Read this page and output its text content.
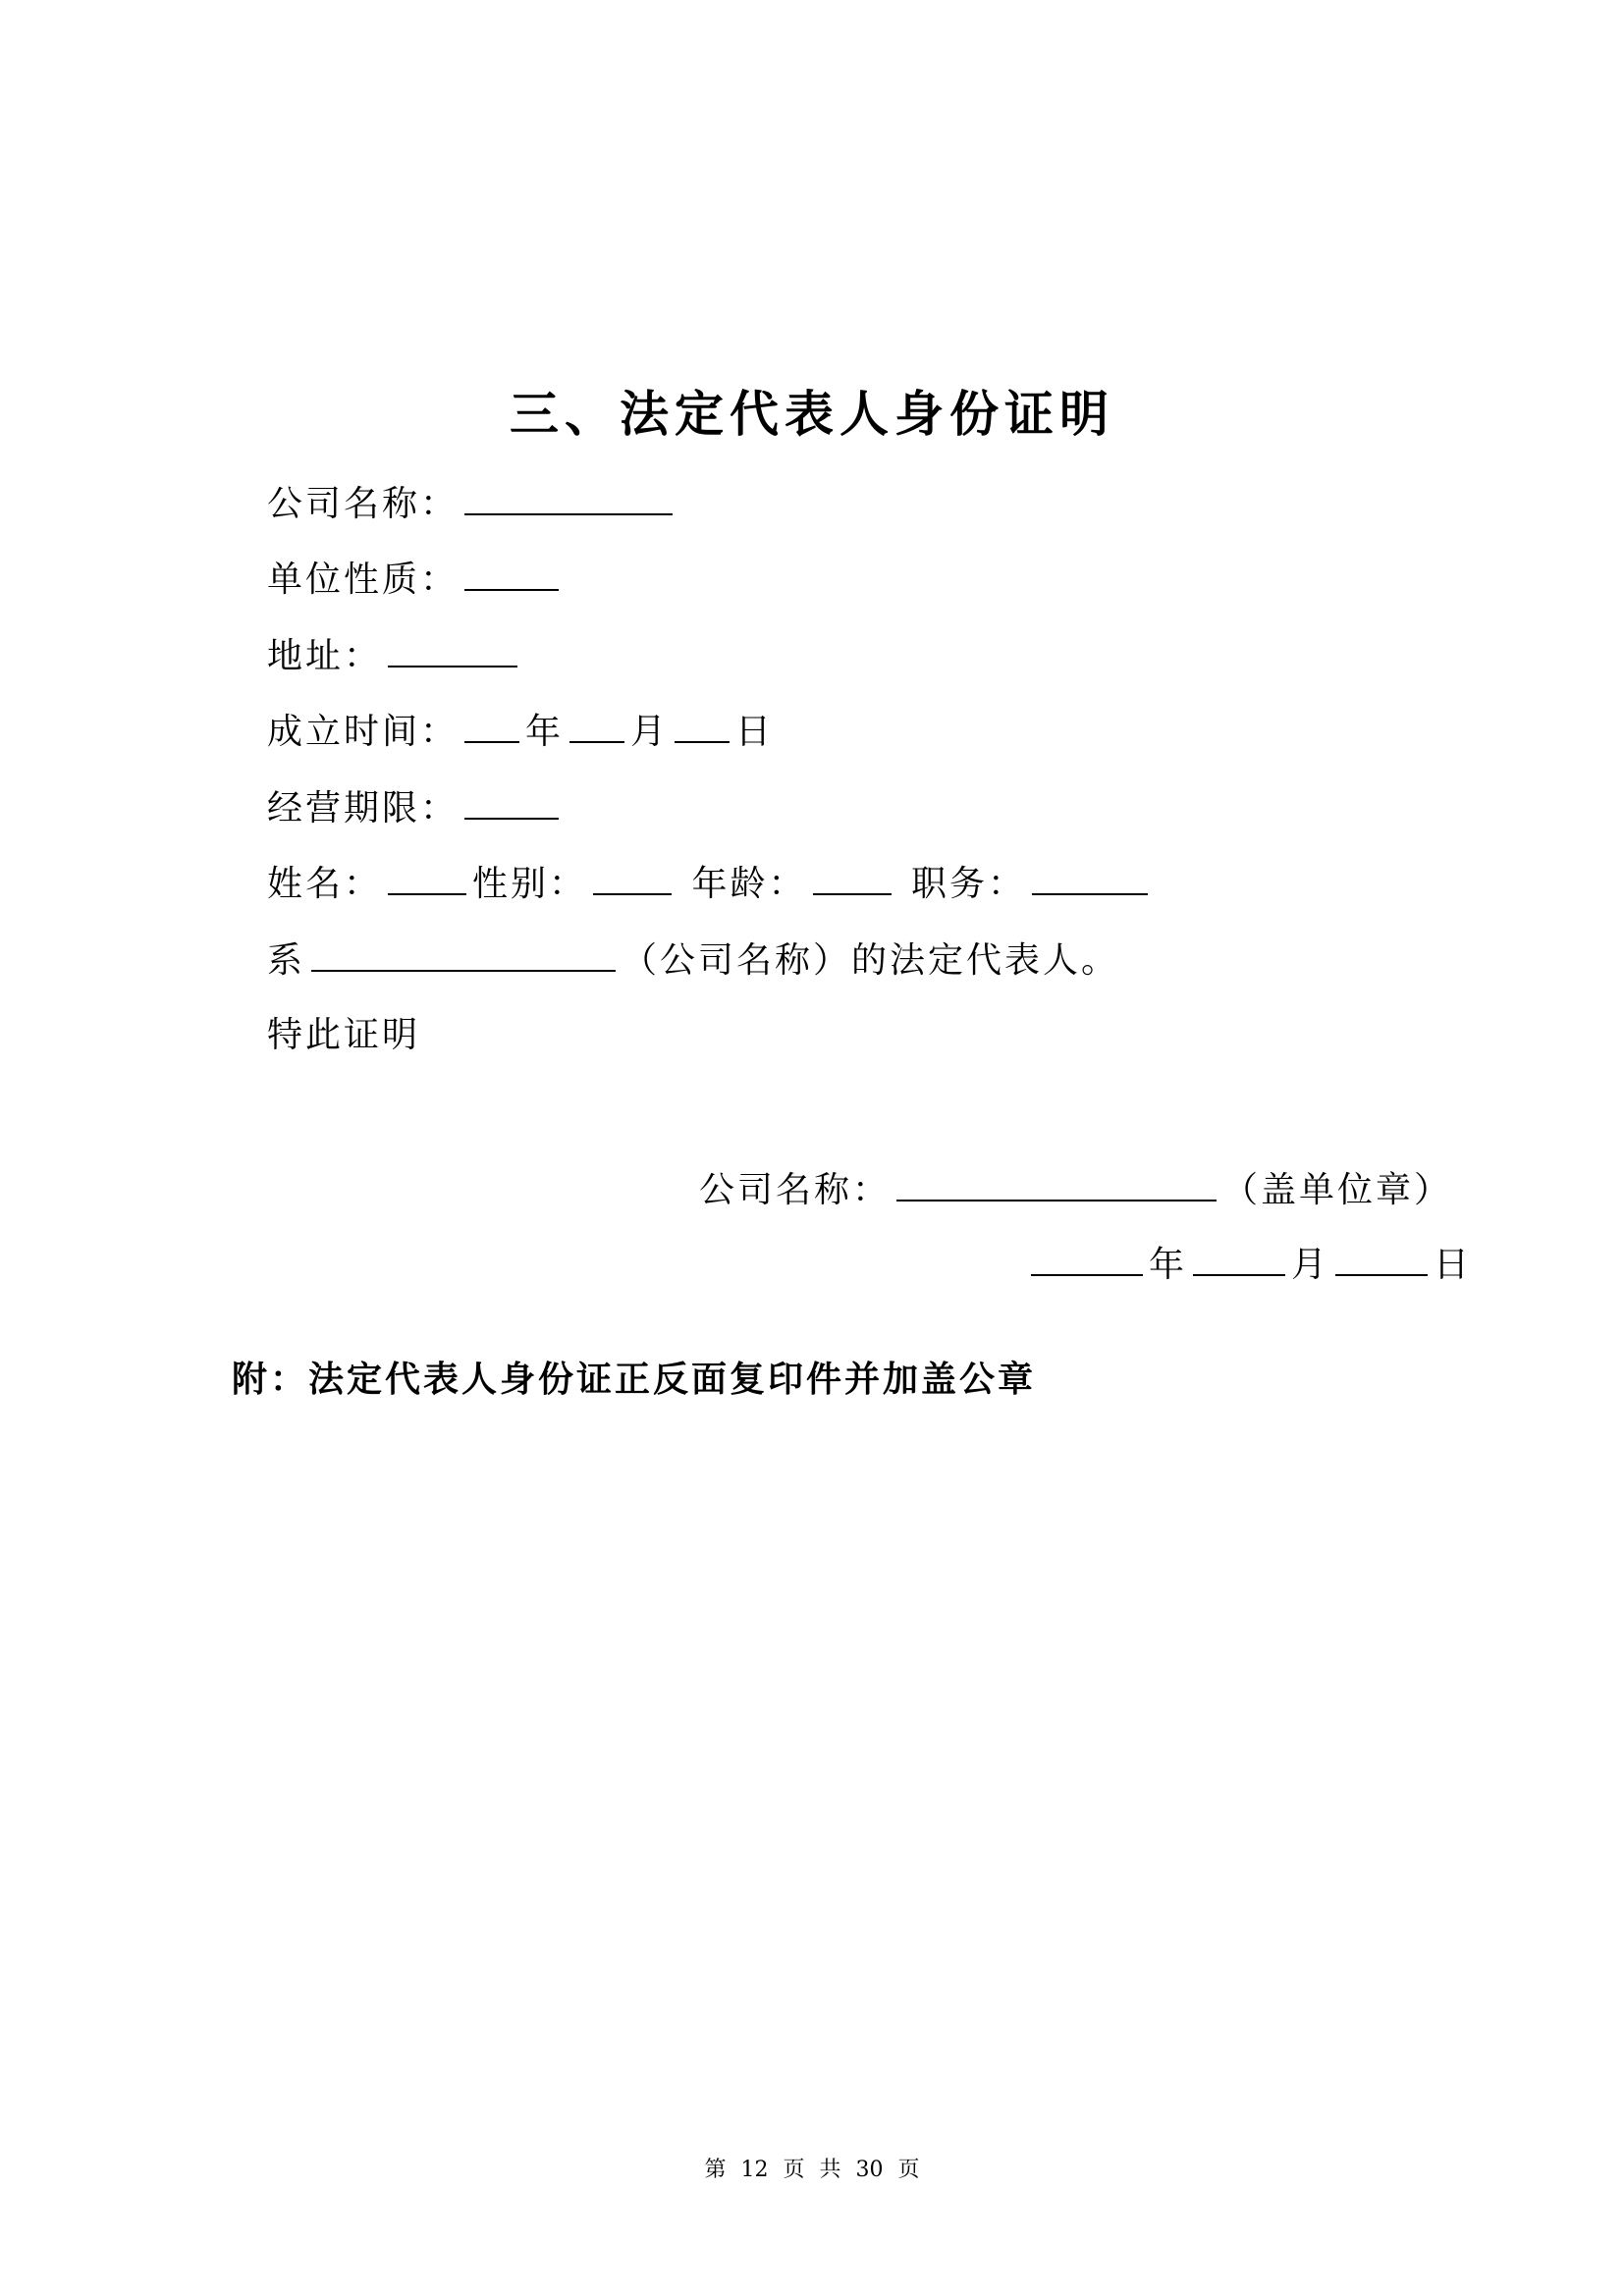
三、法定代表人身份证明
公司名称：
单位性质：
地址：
成立时间： 年 月 日
经营期限：
姓名：	性别：	年龄：	职务：
系	（公司名称）的法定代表人。
特此证明
公司名称：	（盖单位章）
年	月	日
附：法定代表人身份证正反面复印件并加盖公章
第 12 页 共 30 页
